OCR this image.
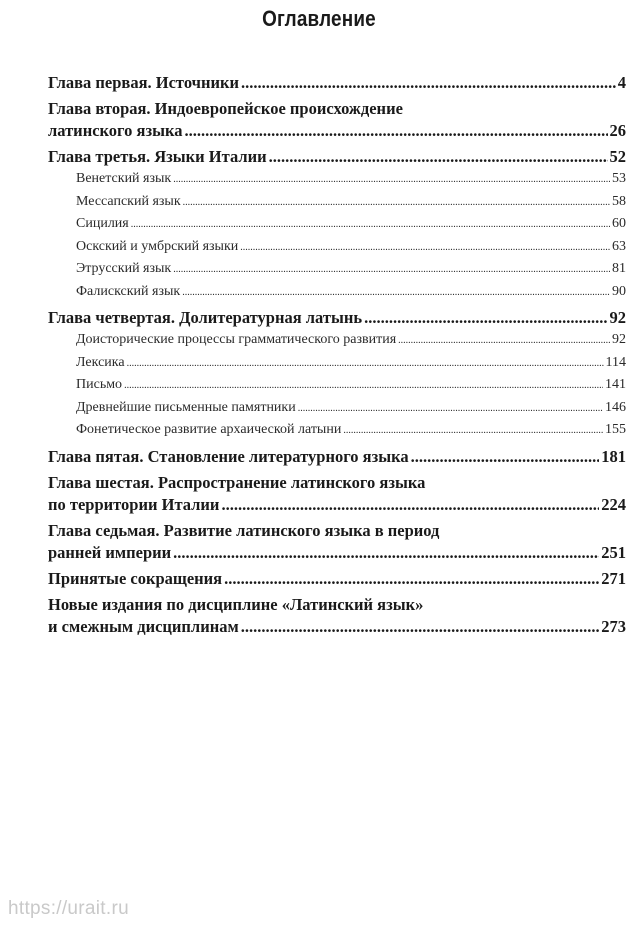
Оглавление
Глава первая. Источники .....	4
Глава вторая. Индоевропейское происхождение
латинского языка .....	26
Глава третья. Языки Италии .....	52
Венетский язык .....	53
Мессапский язык .....	58
Сицилия .....	60
Оскский и умбрский языки .....	63
Этрусский язык .....	81
Фалискский язык .....	90
Глава четвертая. Долитературная латынь .....	92
Доисторические процессы грамматического развития .....	92
Лексика .....	114
Письмо .....	141
Древнейшие письменные памятники .....	146
Фонетическое развитие архаической латыни .....	155
Глава пятая. Становление литературного языка .....	181
Глава шестая. Распространение латинского языка
по территории Италии .....	224
Глава седьмая. Развитие латинского языка в период
ранней империи .....	251
Принятые сокращения .....	271
Новые издания по дисциплине «Латинский язык»
и смежным дисциплинам .....	273
https://urait.ru
